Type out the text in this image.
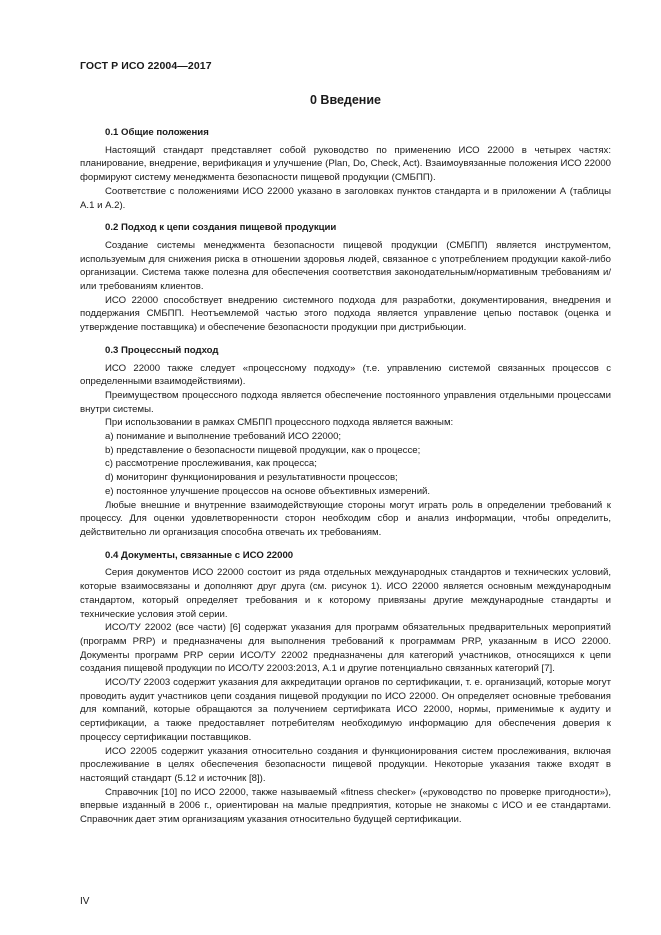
ГОСТ Р ИСО 22004—2017
0 Введение
0.1 Общие положения

Настоящий стандарт представляет собой руководство по применению ИСО 22000 в четырех частях: планирование, внедрение, верификация и улучшение (Plan, Do, Check, Act). Взаимоувязанные положения ИСО 22000 формируют систему менеджмента безопасности пищевой продукции (СМБПП).

Соответствие с положениями ИСО 22000 указано в заголовках пунктов стандарта и в приложении А (таблицы А.1 и А.2).

0.2 Подход к цепи создания пищевой продукции

Создание системы менеджмента безопасности пищевой продукции (СМБПП) является инструментом, используемым для снижения риска в отношении здоровья людей, связанное с употреблением продукции какой-либо организации. Система также полезна для обеспечения соответствия законодательным/нормативным требованиям и/или требованиям клиентов.

ИСО 22000 способствует внедрению системного подхода для разработки, документирования, внедрения и поддержания СМБПП. Неотъемлемой частью этого подхода является управление цепью поставок (оценка и утверждение поставщика) и обеспечение безопасности продукции при дистрибьюции.

0.3 Процессный подход

ИСО 22000 также следует «процессному подходу» (т.е. управлению системой связанных процессов с определенными взаимодействиями).

Преимуществом процессного подхода является обеспечение постоянного управления отдельными процессами внутри системы.

При использовании в рамках СМБПП процессного подхода является важным:

а) понимание и выполнение требований ИСО 22000;

b) представление о безопасности пищевой продукции, как о процессе;

c) рассмотрение прослеживания, как процесса;

d) мониторинг функционирования и результативности процессов;

e) постоянное улучшение процессов на основе объективных измерений.

Любые внешние и внутренние взаимодействующие стороны могут играть роль в определении требований к процессу. Для оценки удовлетворенности сторон необходим сбор и анализ информации, чтобы определить, действительно ли организация способна отвечать их требованиям.

0.4 Документы, связанные с ИСО 22000

Серия документов ИСО 22000 состоит из ряда отдельных международных стандартов и технических условий, которые взаимосвязаны и дополняют друг друга (см. рисунок 1). ИСО 22000 является основным международным стандартом, который определяет требования и к которому привязаны другие международные стандарты и технические условия этой серии.

ИСО/ТУ 22002 (все части) [6] содержат указания для программ обязательных предварительных мероприятий (программ PRP) и предназначены для выполнения требований к программам PRP, указанным в ИСО 22000. Документы программ PRP серии ИСО/ТУ 22002 предназначены для категорий участников, относящихся к цепи создания пищевой продукции по ИСО/ТУ 22003:2013, А.1 и другие потенциально связанных категорий [7].

ИСО/ТУ 22003 содержит указания для аккредитации органов по сертификации, т. е. организаций, которые могут проводить аудит участников цепи создания пищевой продукции по ИСО 22000. Он определяет основные требования для компаний, которые обращаются за получением сертификата ИСО 22000, нормы, применимые к аудиту и сертификации, а также предоставляет потребителям необходимую информацию для обеспечения доверия к процессу сертификации поставщиков.

ИСО 22005 содержит указания относительно создания и функционирования систем прослеживания, включая прослеживание в целях обеспечения безопасности пищевой продукции. Некоторые указания также входят в настоящий стандарт (5.12 и источник [8]).

Справочник [10] по ИСО 22000, также называемый «fitness checker» («руководство по проверке пригодности»), впервые изданный в 2006 г., ориентирован на малые предприятия, которые не знакомы с ИСО и ее стандартами. Справочник дает этим организациям указания относительно будущей сертификации.

IV
